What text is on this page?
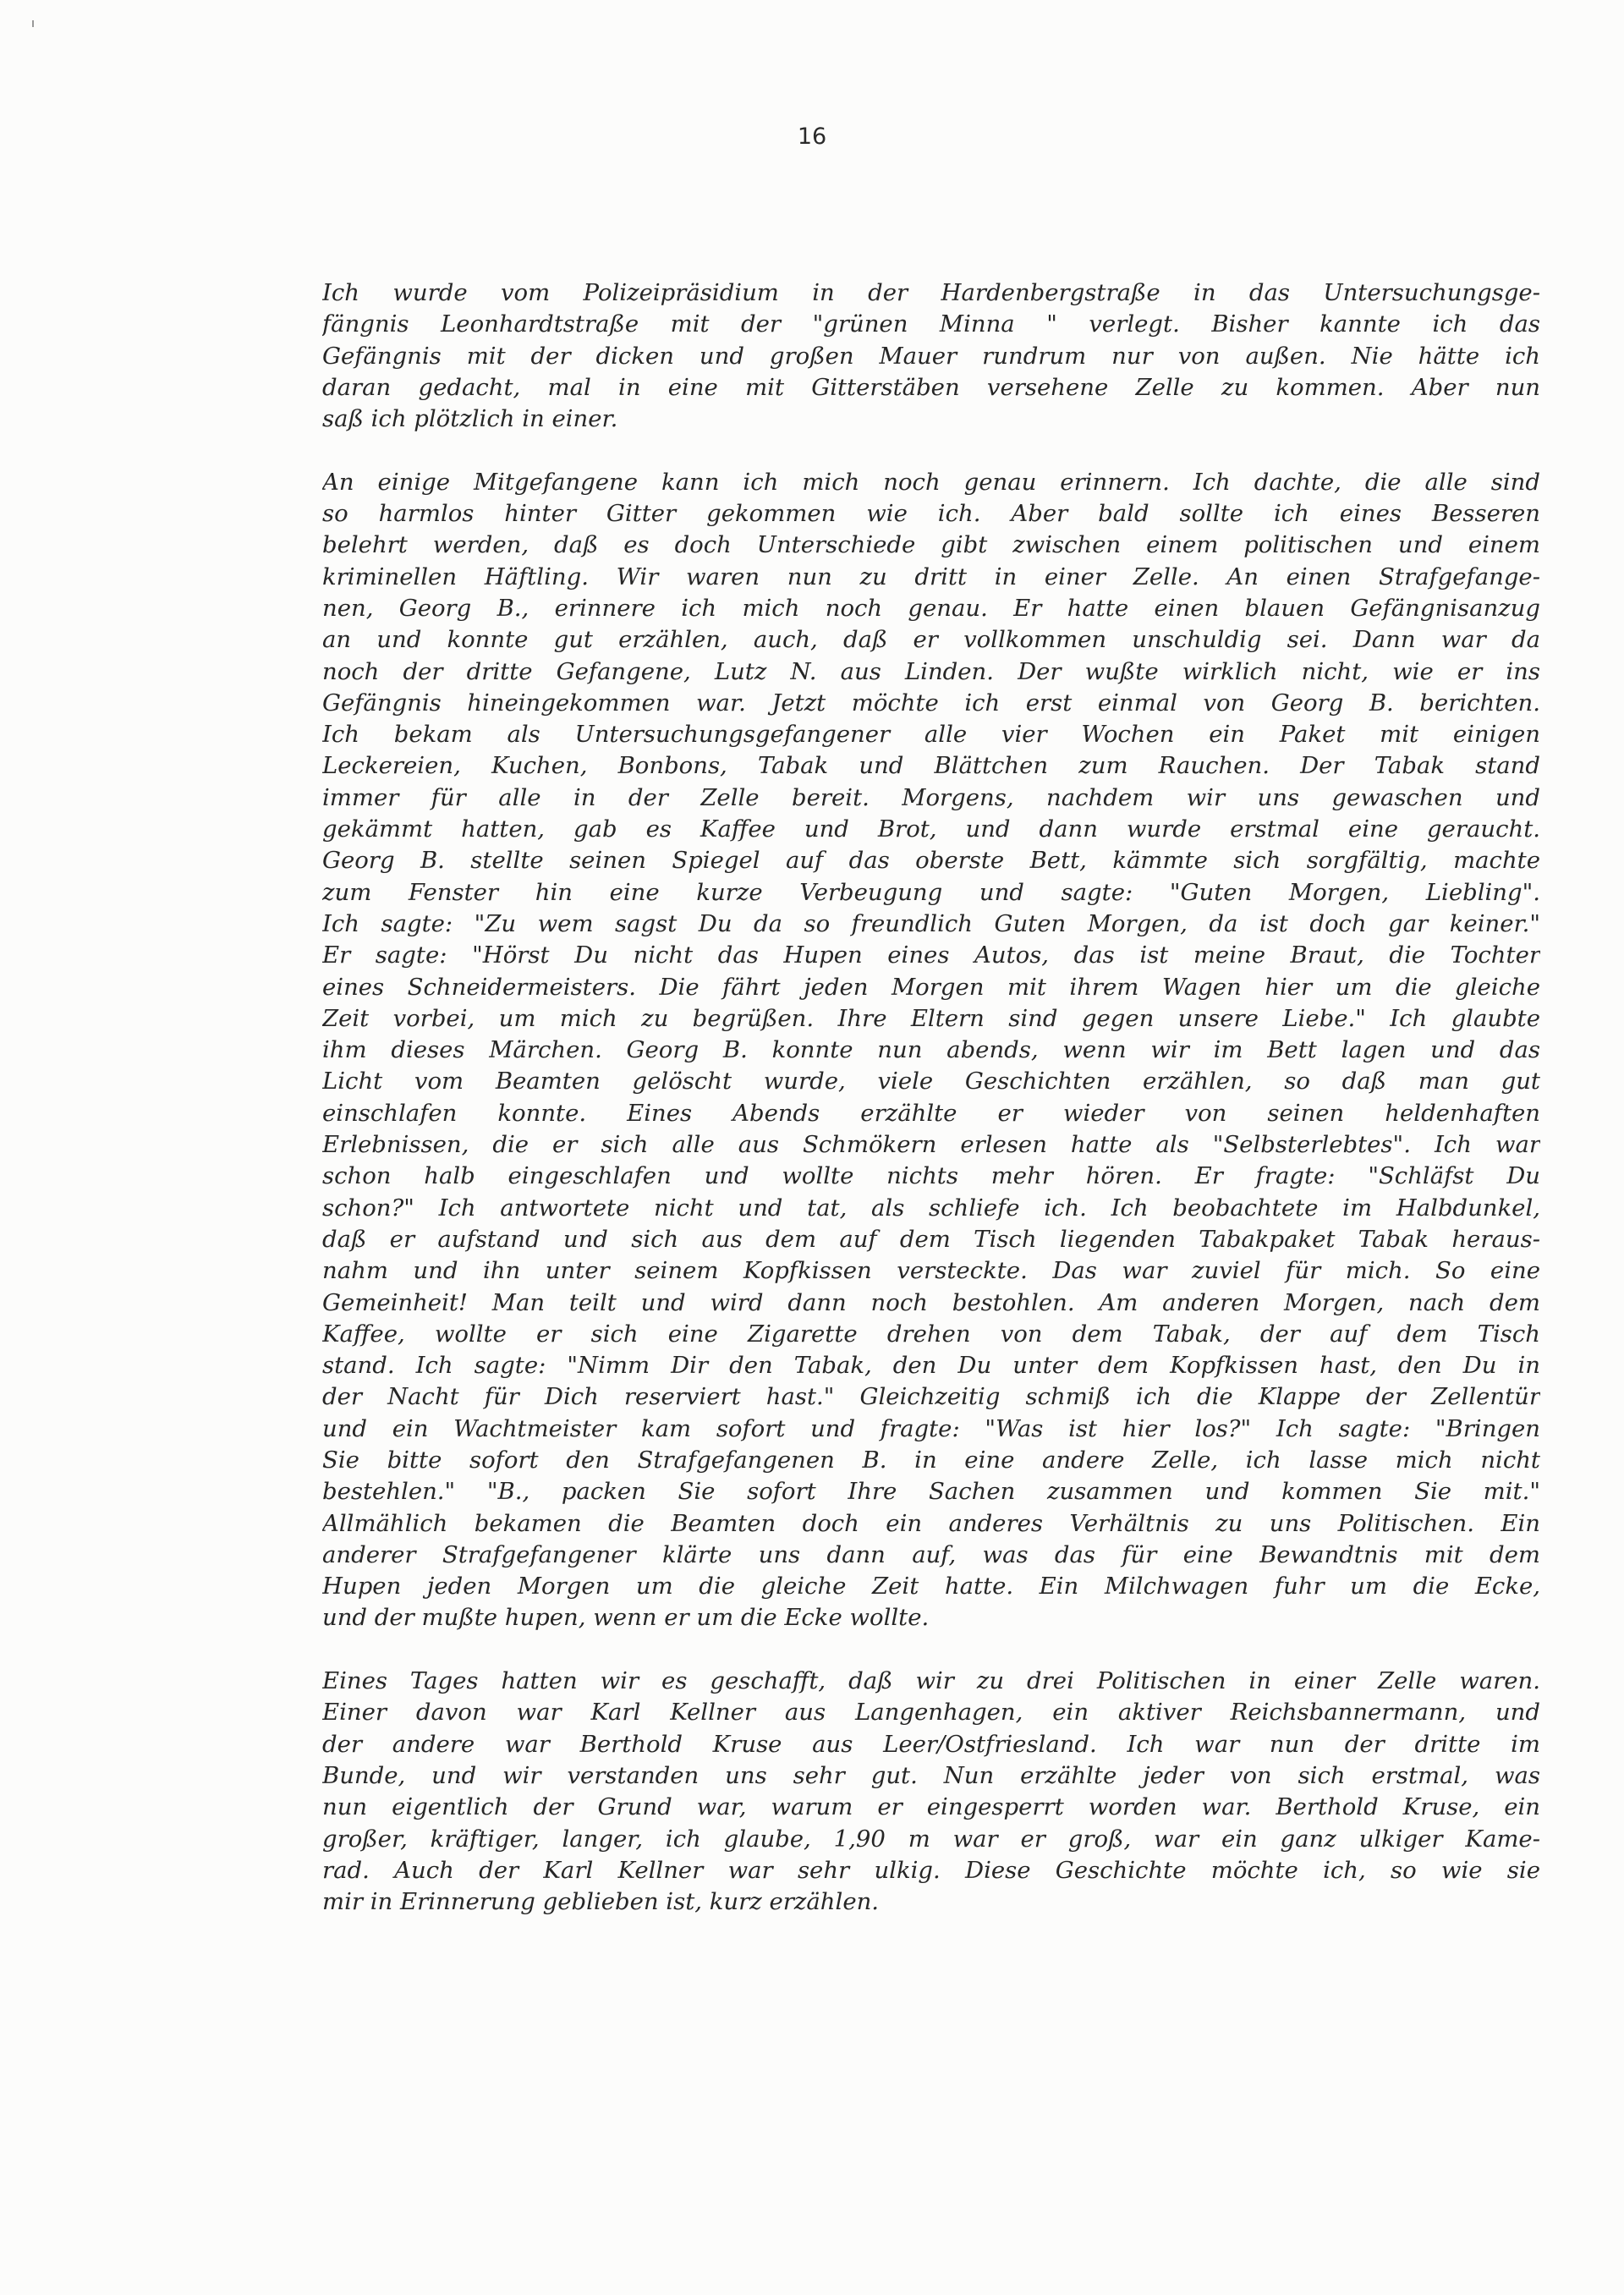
16
Ich wurde vom Polizeipräsidium in der Hardenbergstraße in das Untersuchungsge-
fängnis Leonhardtstraße mit der "grünen Minna " verlegt. Bisher kannte ich das
Gefängnis mit der dicken und großen Mauer rundrum nur von außen. Nie hätte ich
daran gedacht, mal in eine mit Gitterstäben versehene Zelle zu kommen. Aber nun
saß ich plötzlich in einer.
An einige Mitgefangene kann ich mich noch genau erinnern. Ich dachte, die alle sind
so harmlos hinter Gitter gekommen wie ich. Aber bald sollte ich eines Besseren
belehrt werden, daß es doch Unterschiede gibt zwischen einem politischen und einem
kriminellen Häftling. Wir waren nun zu dritt in einer Zelle. An einen Strafgefange-
nen, Georg B., erinnere ich mich noch genau. Er hatte einen blauen Gefängnisanzug
an und konnte gut erzählen, auch, daß er vollkommen unschuldig sei. Dann war da
noch der dritte Gefangene, Lutz N. aus Linden. Der wußte wirklich nicht, wie er ins
Gefängnis hineingekommen war. Jetzt möchte ich erst einmal von Georg B. berichten.
Ich bekam als Untersuchungsgefangener alle vier Wochen ein Paket mit einigen
Leckereien, Kuchen, Bonbons, Tabak und Blättchen zum Rauchen. Der Tabak stand
immer für alle in der Zelle bereit. Morgens, nachdem wir uns gewaschen und
gekämmt hatten, gab es Kaffee und Brot, und dann wurde erstmal eine geraucht.
Georg B. stellte seinen Spiegel auf das oberste Bett, kämmte sich sorgfältig, machte
zum Fenster hin eine kurze Verbeugung und sagte: "Guten Morgen, Liebling".
Ich sagte: "Zu wem sagst Du da so freundlich Guten Morgen, da ist doch gar keiner."
Er sagte: "Hörst Du nicht das Hupen eines Autos, das ist meine Braut, die Tochter
eines Schneidermeisters. Die fährt jeden Morgen mit ihrem Wagen hier um die gleiche
Zeit vorbei, um mich zu begrüßen. Ihre Eltern sind gegen unsere Liebe." Ich glaubte
ihm dieses Märchen. Georg B. konnte nun abends, wenn wir im Bett lagen und das
Licht vom Beamten gelöscht wurde, viele Geschichten erzählen, so daß man gut
einschlafen konnte. Eines Abends erzählte er wieder von seinen heldenhaften
Erlebnissen, die er sich alle aus Schmökern erlesen hatte als "Selbsterlebtes". Ich war
schon halb eingeschlafen und wollte nichts mehr hören. Er fragte: "Schläfst Du
schon?" Ich antwortete nicht und tat, als schliefe ich. Ich beobachtete im Halbdunkel,
daß er aufstand und sich aus dem auf dem Tisch liegenden Tabakpaket Tabak heraus-
nahm und ihn unter seinem Kopfkissen versteckte. Das war zuviel für mich. So eine
Gemeinheit! Man teilt und wird dann noch bestohlen. Am anderen Morgen, nach dem
Kaffee, wollte er sich eine Zigarette drehen von dem Tabak, der auf dem Tisch
stand. Ich sagte: "Nimm Dir den Tabak, den Du unter dem Kopfkissen hast, den Du in
der Nacht für Dich reserviert hast." Gleichzeitig schmiß ich die Klappe der Zellentür
und ein Wachtmeister kam sofort und fragte: "Was ist hier los?" Ich sagte: "Bringen
Sie bitte sofort den Strafgefangenen B. in eine andere Zelle, ich lasse mich nicht
bestehlen." "B., packen Sie sofort Ihre Sachen zusammen und kommen Sie mit."
Allmählich bekamen die Beamten doch ein anderes Verhältnis zu uns Politischen. Ein
anderer Strafgefangener klärte uns dann auf, was das für eine Bewandtnis mit dem
Hupen jeden Morgen um die gleiche Zeit hatte. Ein Milchwagen fuhr um die Ecke,
und der mußte hupen, wenn er um die Ecke wollte.
Eines Tages hatten wir es geschafft, daß wir zu drei Politischen in einer Zelle waren.
Einer davon war Karl Kellner aus Langenhagen, ein aktiver Reichsbannermann, und
der andere war Berthold Kruse aus Leer/Ostfriesland. Ich war nun der dritte im
Bunde, und wir verstanden uns sehr gut. Nun erzählte jeder von sich erstmal, was
nun eigentlich der Grund war, warum er eingesperrt worden war. Berthold Kruse, ein
großer, kräftiger, langer, ich glaube, 1,90 m war er groß, war ein ganz ulkiger Kame-
rad. Auch der Karl Kellner war sehr ulkig. Diese Geschichte möchte ich, so wie sie
mir in Erinnerung geblieben ist, kurz erzählen.
